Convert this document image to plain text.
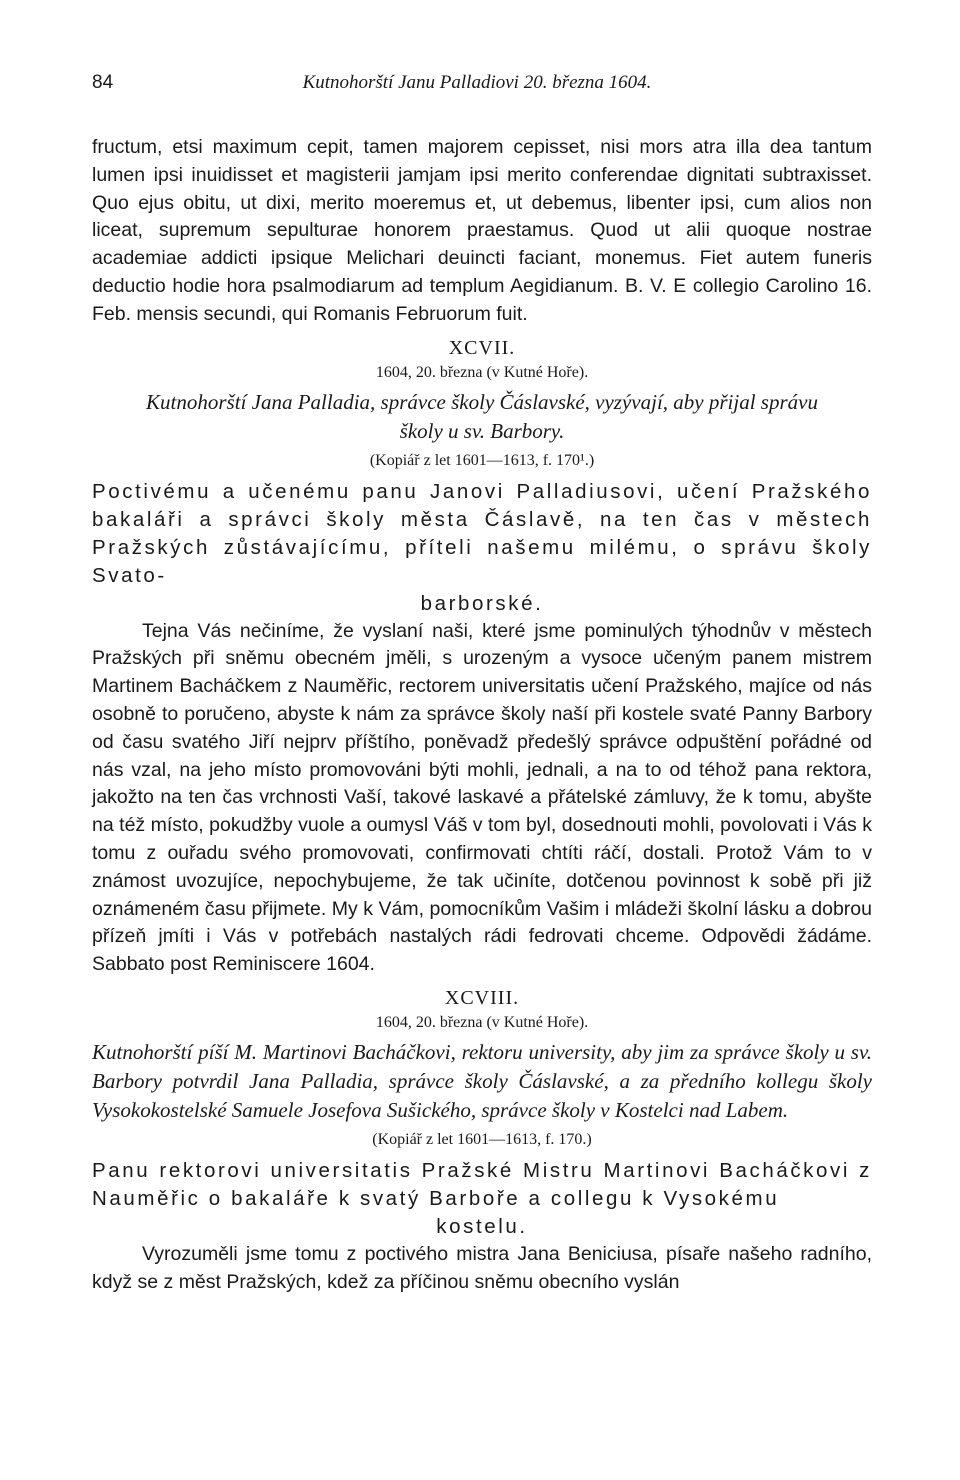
84	Kutnohorští Janu Palladiovi 20. března 1604.

fructum, etsi maximum cepit, tamen majorem cepisset, nisi mors atra illa dea tantum lumen ipsi inuidisset et magisterii jamjam ipsi merito conferendae dignitati subtraxisset. Quo ejus obitu, ut dixi, merito moeremus et, ut debemus, libenter ipsi, cum alios non liceat, supremum sepulturae honorem praestamus. Quod ut alii quoque nostrae academiae addicti ipsique Melichari deuincti faciant, monemus. Fiet autem funeris deductio hodie hora psalmodiarum ad templum Aegidianum. B. V. E collegio Carolino 16. Feb. mensis secundi, qui Romanis Februorum fuit.

XCVII.
1604, 20. března (v Kutné Hoře).

Kutnohorští Jana Palladia, správce školy Čáslavské, vyzývají, aby přijal správu

školy u sv. Barbory.

(Kopiář z let 1601—1613, f. 170¹.)

Poctivému a učenému panu Janovi Palladiusovi, učení Pražského bakaláři a správci školy města Čáslavě, na ten čas v městech Pražských zůstávajícímu, příteli našemu milému, o správu školy Svato-
barborské.

Tejna Vás nečiníme, že vyslaní naši, které jsme pominulých týhodnův v městech Pražských při sněmu obecném jměli, s urozeným a vysoce učeným panem mistrem Martinem Bacháčkem z Nauměřic, rectorem universitatis učení Pražského, majíce od nás osobně to poručeno, abyste k nám za správce školy naší při kostele svaté Panny Barbory od času svatého Jiří nejprv příštího, poněvadž předešlý správce odpuštění pořádné od nás vzal, na jeho místo promovováni býti mohli, jednali, a na to od téhož pana rektora, jakožto na ten čas vrchnosti Vaší, takové laskavé a přátelské zámluvy, že k tomu, abyšte na též místo, pokudžby vuole a oumysl Váš v tom byl, dosednouti mohli, povolovati i Vás k tomu z ouřadu svého promovovati, confirmovati chtíti ráčí, dostali. Protož Vám to v známost uvozujíce, nepochybujeme, že tak učiníte, dotčenou povinnost k sobě při již oznámeném času přijmete. My k Vám, pomocníkům Vašim i mládeži školní lásku a dobrou přízeň jmíti i Vás v potřebách nastalých rádi fedrovati chceme. Odpovědi žádáme. Sabbato post Reminiscere 1604.

XCVIII.
1604, 20. března (v Kutné Hoře).

Kutnohorští píší M. Martinovi Bacháčkovi, rektoru university, aby jim za správce školy u sv. Barbory potvrdil Jana Palladia, správce školy Čáslavské, a za předního kollegu školy Vysokokostelské Samuele Josefova Sušického, správce školy v Kostelci nad Labem.

(Kopiář z let 1601—1613, f. 170.)

Panu rektorovi universitatis Pražské Mistru Martinovi Bacháčkovi z Nauměřic o bakaláře k svatý Barboře a collegu k Vysokému
kostelu.

Vyrozuměli jsme tomu z poctivého mistra Jana Beniciusa, písaře našeho radního, když se z měst Pražských, kdež za příčinou sněmu obecního vyslán
